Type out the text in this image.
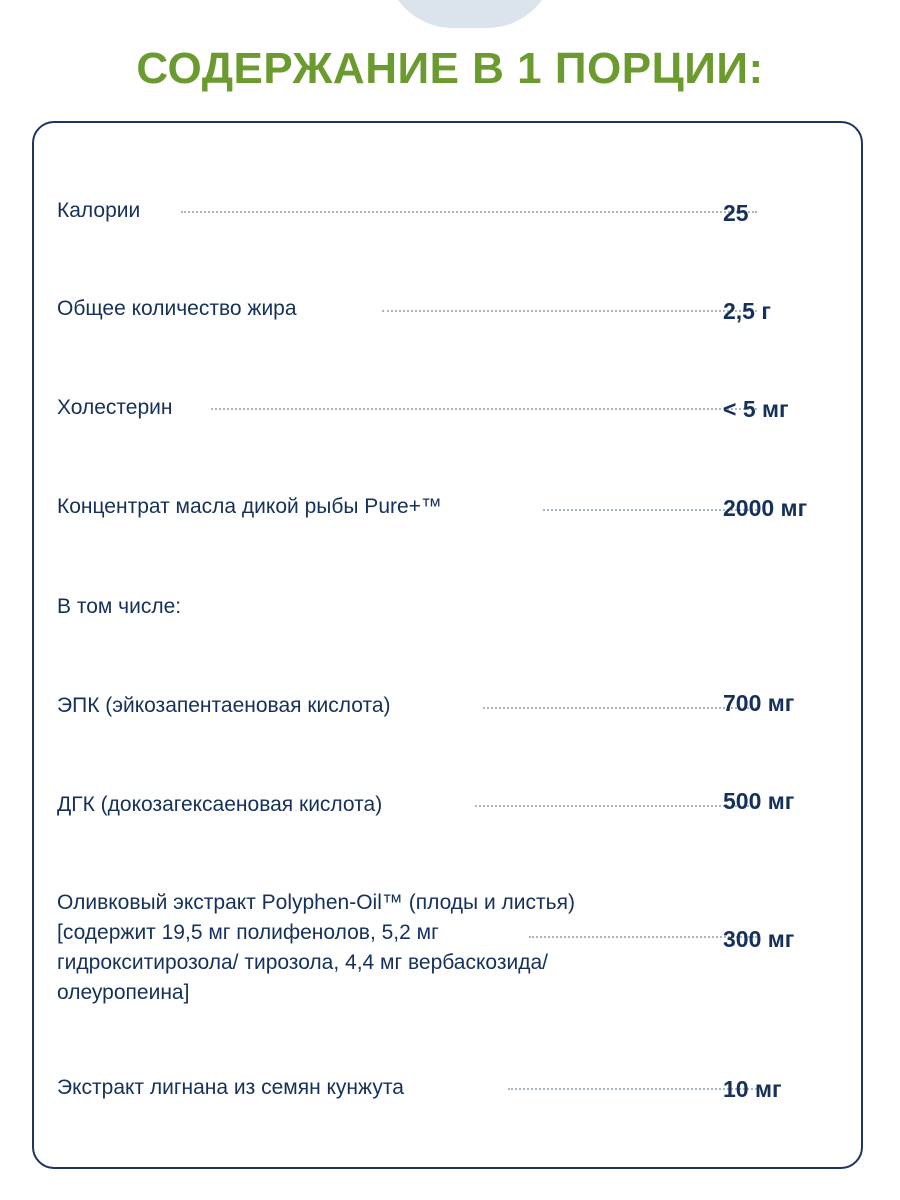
СОДЕРЖАНИЕ В 1 ПОРЦИИ:
Калории	25
Общее количество жира	2,5 г
Холестерин	< 5 мг
Концентрат масла дикой рыбы Pure+™	2000 мг
В том числе:
ЭПК (эйкозапентаеновая кислота)	700 мг
ДГК (докозагексаеновая кислота)	500 мг
Оливковый экстракт Polyphen-Oil™ (плоды и листья)
[содержит 19,5 мг полифенолов, 5,2 мг
гидрокситирозола/ тирозола, 4,4 мг вербаскозида/
олеуропеина]
300 мг
Экстракт лигнана из семян кунжута	10 мг
